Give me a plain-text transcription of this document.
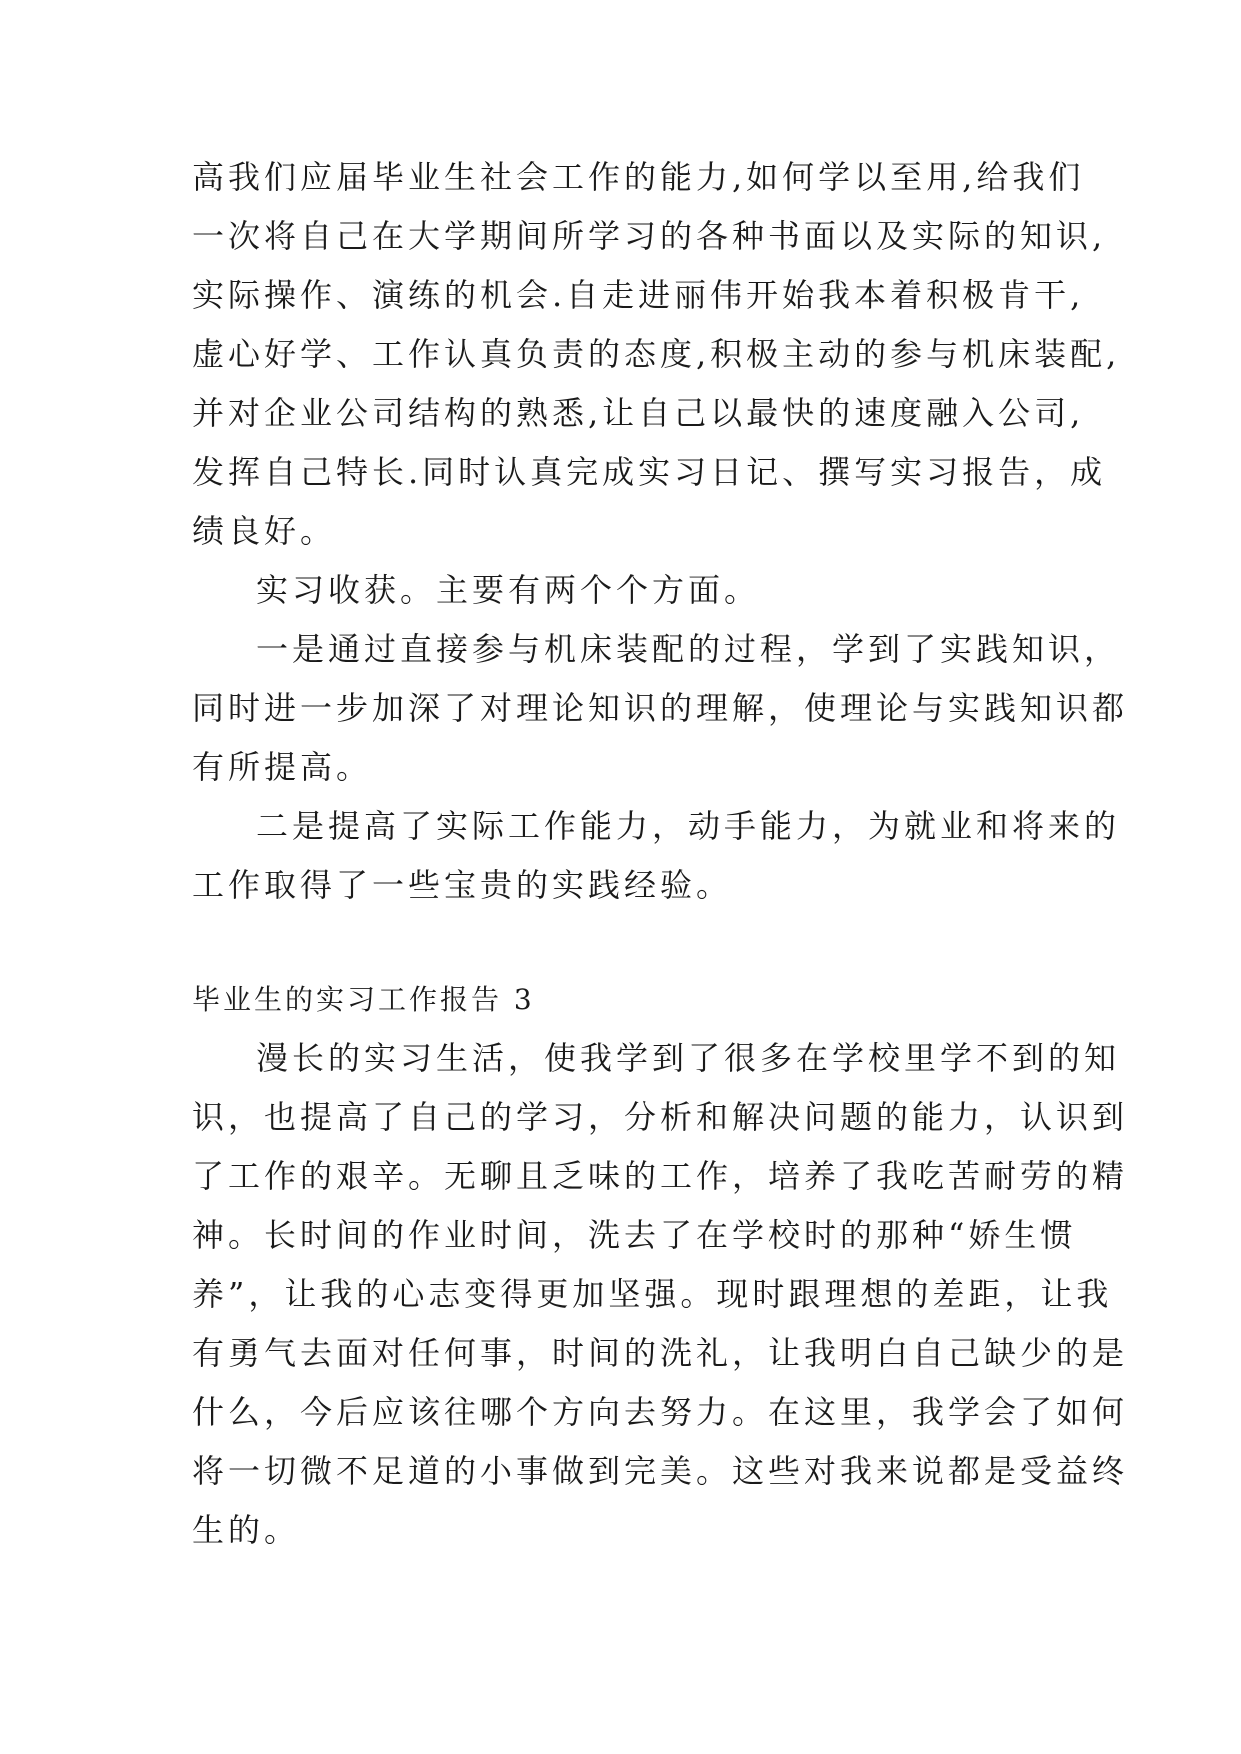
高我们应届毕业生社会工作的能力,如何学以至用,给我们
一次将自己在大学期间所学习的各种书面以及实际的知识,
实际操作、演练的机会.自走进丽伟开始我本着积极肯干,
虚心好学、工作认真负责的态度,积极主动的参与机床装配,
并对企业公司结构的熟悉,让自己以最快的速度融入公司,
发挥自己特长.同时认真完成实习日记、撰写实习报告，成
绩良好。
实习收获。主要有两个个方面。
一是通过直接参与机床装配的过程，学到了实践知识，
同时进一步加深了对理论知识的理解，使理论与实践知识都
有所提高。
二是提高了实际工作能力，动手能力，为就业和将来的
工作取得了一些宝贵的实践经验。
毕业生的实习工作报告 3
漫长的实习生活，使我学到了很多在学校里学不到的知
识，也提高了自己的学习，分析和解决问题的能力，认识到
了工作的艰辛。无聊且乏味的工作，培养了我吃苦耐劳的精
神。长时间的作业时间，洗去了在学校时的那种“娇生惯
养”，让我的心志变得更加坚强。现时跟理想的差距，让我
有勇气去面对任何事，时间的洗礼，让我明白自己缺少的是
什么，今后应该往哪个方向去努力。在这里，我学会了如何
将一切微不足道的小事做到完美。这些对我来说都是受益终
生的。
